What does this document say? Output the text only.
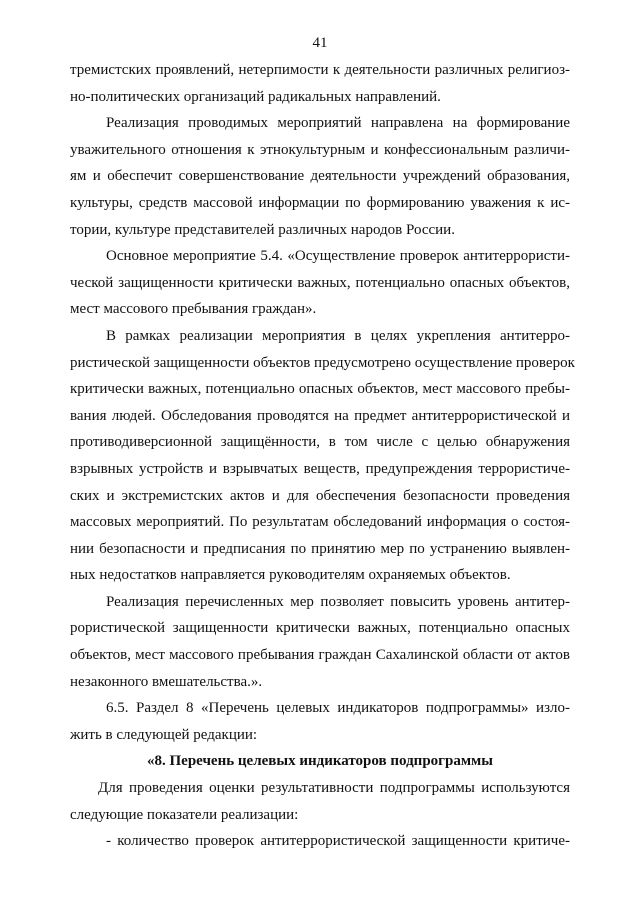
41
тремистских проявлений, нетерпимости к деятельности различных религиоз-
но-политических организаций радикальных направлений.
Реализация проводимых мероприятий направлена на формирование
уважительного отношения к этнокультурным и конфессиональным различи-
ям и обеспечит совершенствование деятельности учреждений образования,
культуры, средств массовой информации по формированию уважения к ис-
тории, культуре представителей различных народов России.
Основное мероприятие 5.4. «Осуществление проверок антитеррористи-
ческой защищенности критически важных, потенциально опасных объектов,
мест массового пребывания граждан».
В рамках реализации мероприятия в целях укрепления антитерро-
ристической защищенности объектов предусмотрено осуществление проверок
критически важных, потенциально опасных объектов, мест массового пребы-
вания людей. Обследования проводятся на предмет антитеррористической и
противодиверсионной защищённости, в том числе с целью обнаружения
взрывных устройств и взрывчатых веществ, предупреждения террористиче-
ских и экстремистских актов и для обеспечения безопасности проведения
массовых мероприятий. По результатам обследований информация о состоя-
нии безопасности и предписания по принятию мер по устранению выявлен-
ных недостатков направляется руководителям охраняемых объектов.
Реализация перечисленных мер позволяет повысить уровень антитер-
рористической защищенности критически важных, потенциально опасных
объектов, мест массового пребывания граждан Сахалинской области от актов
незаконного вмешательства.».
6.5. Раздел 8 «Перечень целевых индикаторов подпрограммы» изло-
жить в следующей редакции:
«8. Перечень целевых индикаторов подпрограммы
Для проведения оценки результативности подпрограммы используются
следующие показатели реализации:
- количество проверок антитеррористической защищенности критиче-
